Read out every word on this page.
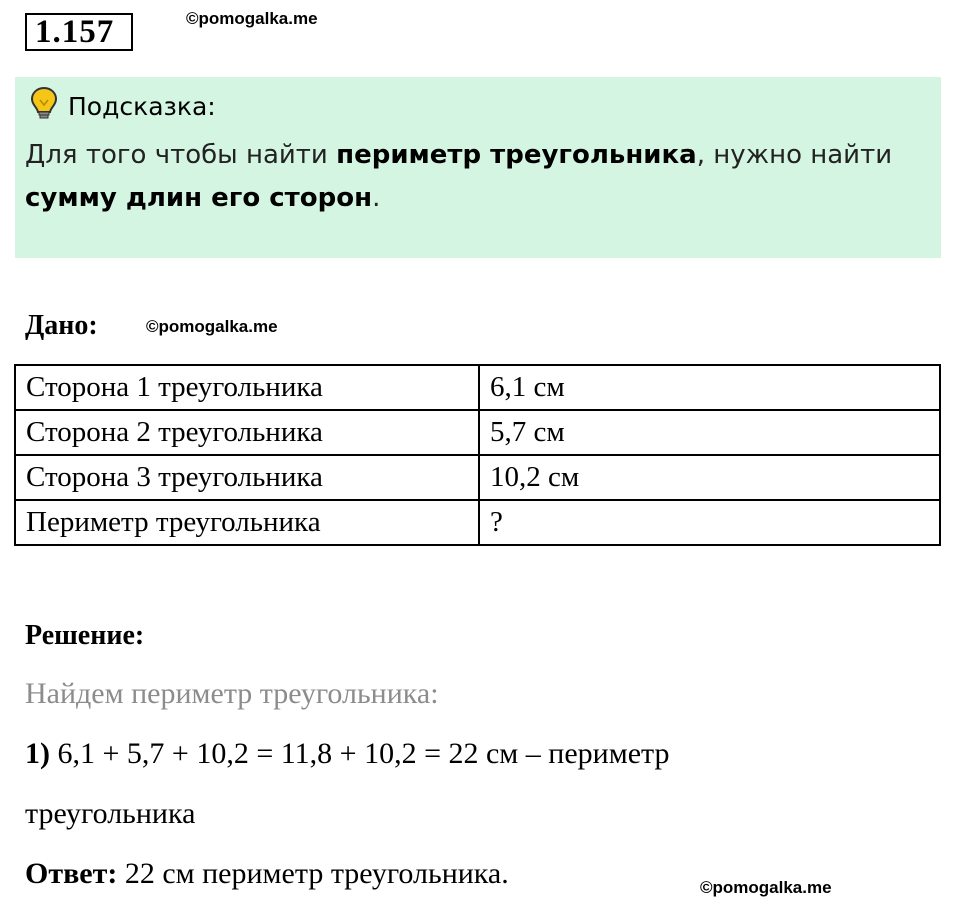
1.157	©pomogalka.me
Подсказка:
Для того чтобы найти периметр треугольника, нужно найти
сумму длин его сторон.
Дано:	©pomogalka.me
Сторона 1 треугольника	6,1 см
Сторона 2 треугольника	5,7 см
Сторона 3 треугольника	10,2 см
Периметр треугольника	?
Решение:
Найдем периметр треугольника:
1) 6,1 + 5,7 + 10,2 = 11,8 + 10,2 = 22 см – периметр
треугольника
Ответ: 22 см периметр треугольника.	©pomogalka.me
